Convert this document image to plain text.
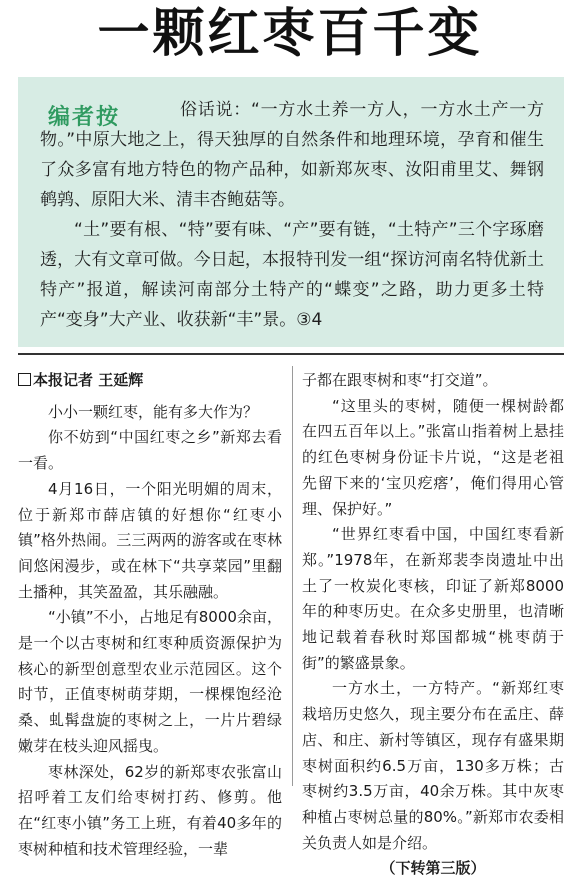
一颗红枣百千变
编者按	俗话说：“一方水土养一方人，一方水土产一方物。”中原大地之上，得天独厚的自然条件和地理环境，孕育和催生了众多富有地方特色的物产品种，如新郑灰枣、汝阳甫里艾、舞钢鹌鹑、原阳大米、清丰杏鲍菇等。

“土”要有根、“特”要有味、“产”要有链，“土特产”三个字琢磨透，大有文章可做。今日起，本报特刊发一组“探访河南名特优新土特产”报道，解读河南部分土特产的“蝶变”之路，助力更多土特产“变身”大产业、收获新“丰”景。③4

本报记者 王延辉

小小一颗红枣，能有多大作为？

你不妨到“中国红枣之乡”新郑去看一看。

4月16日，一个阳光明媚的周末，位于新郑市薛店镇的好想你“红枣小镇”格外热闹。三三两两的游客或在枣林间悠闲漫步，或在林下“共享菜园”里翻土播种，其笑盈盈，其乐融融。

“小镇”不小，占地足有8000余亩，是一个以古枣树和红枣种质资源保护为核心的新型创意型农业示范园区。这个时节，正值枣树萌芽期，一棵棵饱经沧桑、虬髯盘旋的枣树之上，一片片碧绿嫩芽在枝头迎风摇曳。

枣林深处，62岁的新郑枣农张富山招呼着工友们给枣树打药、修剪。他在“红枣小镇”务工上班，有着40多年的枣树种植和技术管理经验，一辈

子都在跟枣树和枣“打交道”。

“这里头的枣树，随便一棵树龄都在四五百年以上。”张富山指着树上悬挂的红色枣树身份证卡片说，“这是老祖先留下来的‘宝贝疙瘩’，俺们得用心管理、保护好。”

“世界红枣看中国，中国红枣看新郑。”1978年，在新郑裴李岗遗址中出土了一枚炭化枣核，印证了新郑8000年的种枣历史。在众多史册里，也清晰地记载着春秋时郑国都城“桃枣荫于街”的繁盛景象。

一方水土，一方特产。“新郑红枣栽培历史悠久，现主要分布在孟庄、薛店、和庄、新村等镇区，现存有盛果期枣树面积约6.5万亩，130多万株；古枣树约3.5万亩，40余万株。其中灰枣种植占枣树总量的80%。”新郑市农委相关负责人如是介绍。

（下转第三版）
